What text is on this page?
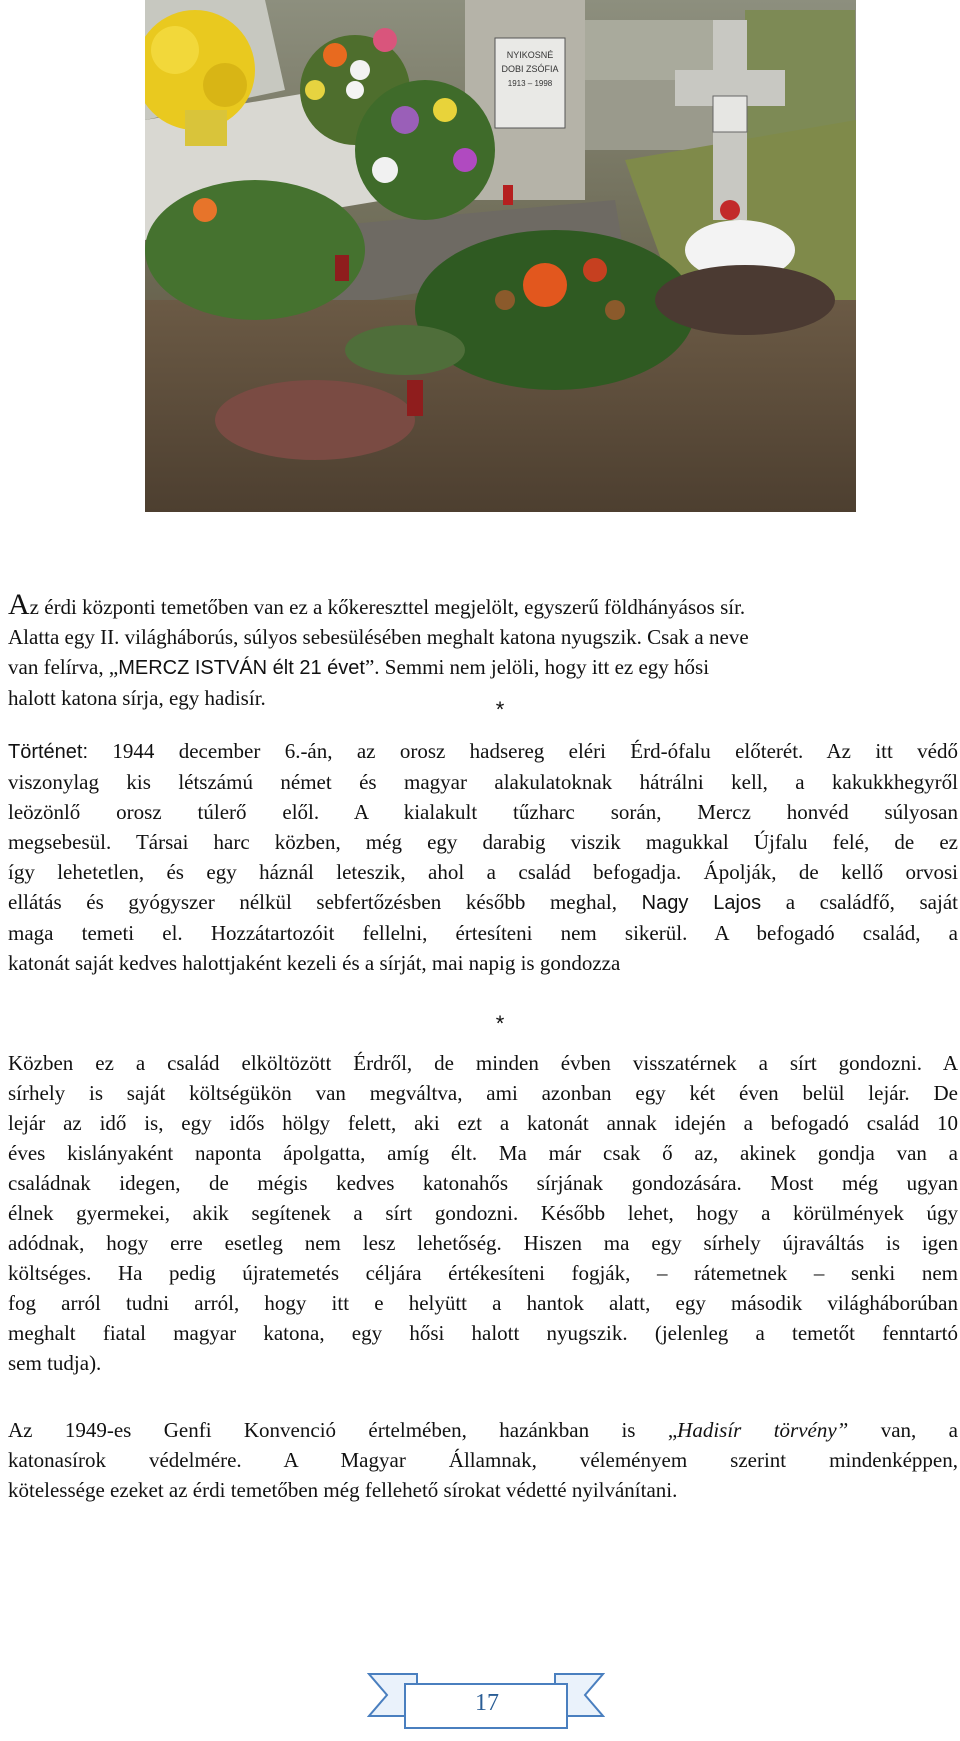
NYIKOSNÉ
DOBI ZSÓFIA
1913 – 1998

Az érdi központi temetőben van ez a kőkereszttel megjelölt, egyszerű földhányásos sír.
Alatta egy II. világháborús, súlyos sebesülésében meghalt katona nyugszik. Csak a neve
van felírva, „MERCZ ISTVÁN élt 21 évet”. Semmi nem jelöli, hogy itt ez egy hősi
halott katona sírja, egy hadisír.	*

Történet: 1944 december 6.-án, az orosz hadsereg eléri Érd-ófalu előterét. Az itt védő
viszonylag kis létszámú német és magyar alakulatoknak hátrálni kell, a kakukkhegyről
leözönlő orosz túlerő elől. A kialakult tűzharc során, Mercz honvéd súlyosan
megsebesül. Társai harc közben, még egy darabig viszik magukkal Újfalu felé, de ez
így lehetetlen, és egy háznál leteszik, ahol a család befogadja. Ápolják, de kellő orvosi
ellátás és gyógyszer nélkül sebfertőzésben később meghal, Nagy Lajos a családfő, saját
maga temeti el. Hozzátartozóit fellelni, értesíteni nem sikerül. A befogadó család, a
katonát saját kedves halottjaként kezeli és a sírját, mai napig is gondozza

*

Közben ez a család elköltözött Érdről, de minden évben visszatérnek a sírt gondozni. A
sírhely is saját költségükön van megváltva, ami azonban egy két éven belül lejár. De
lejár az idő is, egy idős hölgy felett, aki ezt a katonát annak idején a befogadó család 10
éves kislányaként naponta ápolgatta, amíg élt. Ma már csak ő az, akinek gondja van a
családnak idegen, de mégis kedves katonahős sírjának gondozására. Most még ugyan
élnek gyermekei, akik segítenek a sírt gondozni. Később lehet, hogy a körülmények úgy
adódnak, hogy erre esetleg nem lesz lehetőség. Hiszen ma egy sírhely újraváltás is igen
költséges. Ha pedig újratemetés céljára értékesíteni fogják, – rátemetnek – senki nem
fog arról tudni arról, hogy itt e helyütt a hantok alatt, egy második világháborúban
meghalt fiatal magyar katona, egy hősi halott nyugszik. (jelenleg a temetőt fenntartó
sem tudja).

Az 1949-es Genfi Konvenció értelmében, hazánkban is „Hadisír törvény” van, a
katonasírok védelmére. A Magyar Államnak, véleményem szerint mindenképpen,
kötelessége ezeket az érdi temetőben még fellehető sírokat védetté nyilvánítani.

17
